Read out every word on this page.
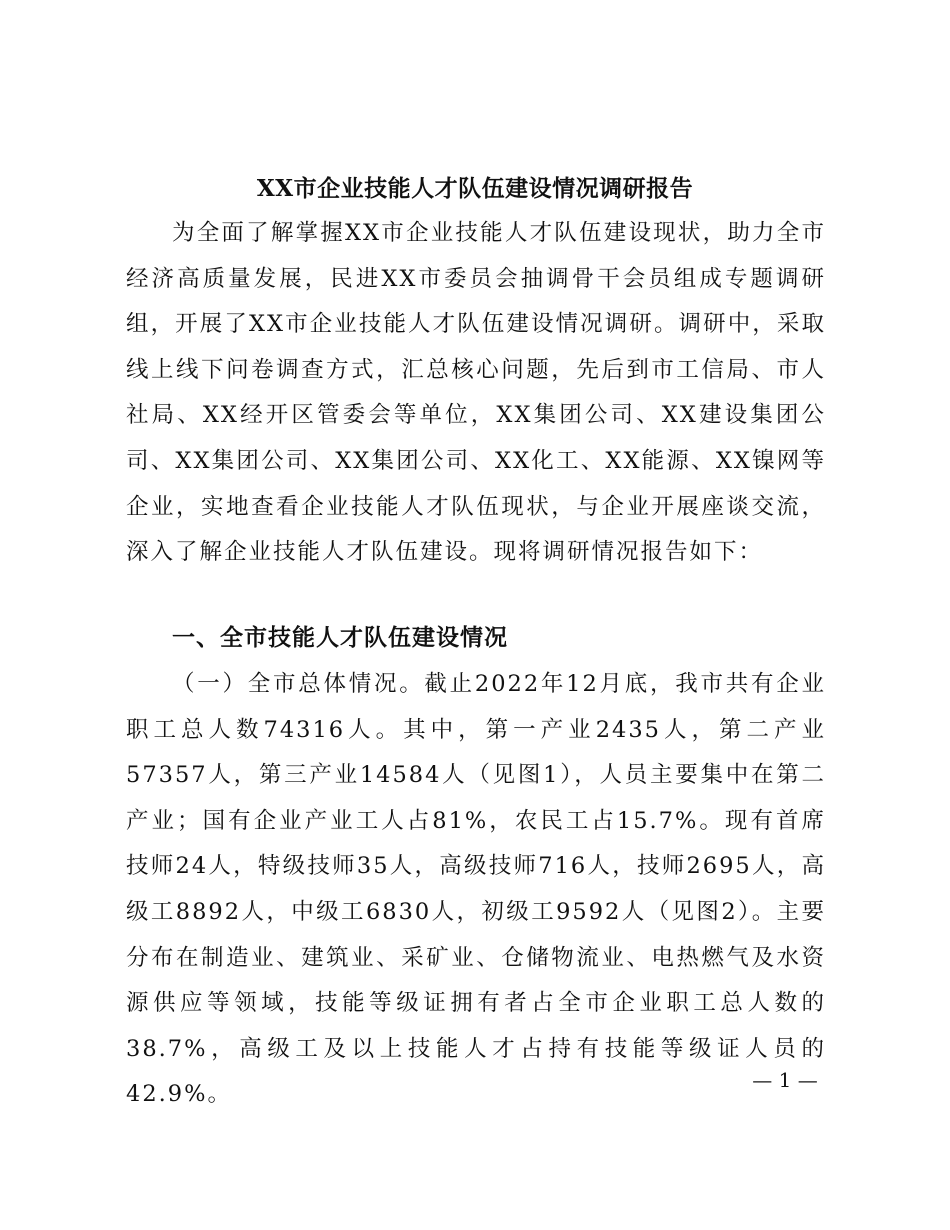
XX市企业技能人才队伍建设情况调研报告
为全面了解掌握XX市企业技能人才队伍建设现状，助力全市经济高质量发展，民进XX市委员会抽调骨干会员组成专题调研组，开展了XX市企业技能人才队伍建设情况调研。调研中，采取线上线下问卷调查方式，汇总核心问题，先后到市工信局、市人社局、XX经开区管委会等单位，XX集团公司、XX建设集团公司、XX集团公司、XX集团公司、XX化工、XX能源、XX镍网等企业，实地查看企业技能人才队伍现状，与企业开展座谈交流，深入了解企业技能人才队伍建设。现将调研情况报告如下：
一、全市技能人才队伍建设情况
（一）全市总体情况。截止2022年12月底，我市共有企业职工总人数74316人。其中，第一产业2435人，第二产业57357人，第三产业14584人（见图1），人员主要集中在第二产业；国有企业产业工人占81%，农民工占15.7%。现有首席技师24人，特级技师35人，高级技师716人，技师2695人，高级工8892人，中级工6830人，初级工9592人（见图2）。主要分布在制造业、建筑业、采矿业、仓储物流业、电热燃气及水资源供应等领域，技能等级证拥有者占全市企业职工总人数的38.7%，高级工及以上技能人才占持有技能等级证人员的42.9%。
— 1 —
